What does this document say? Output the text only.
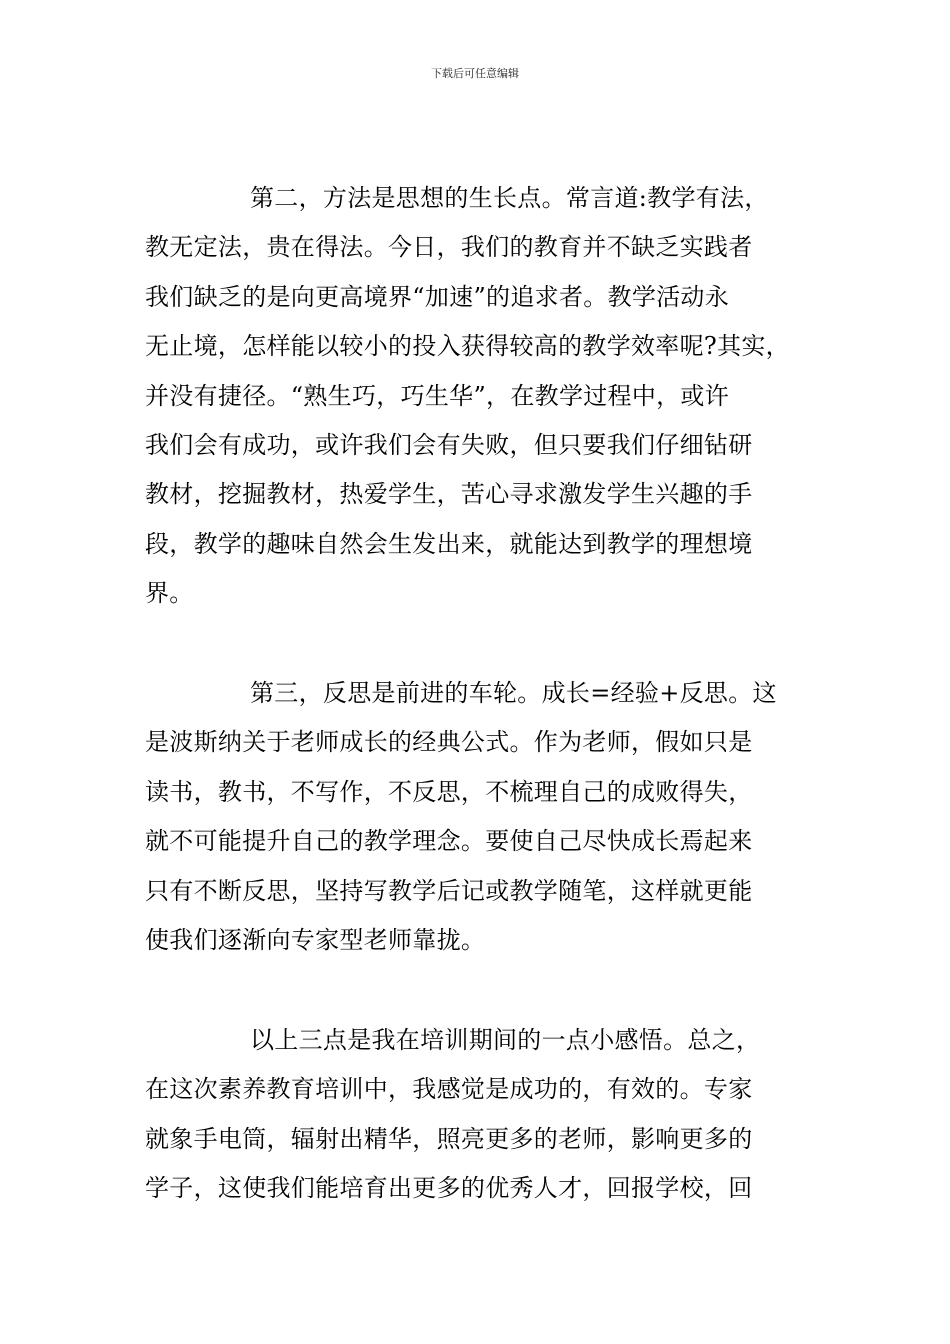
下载后可任意编辑
第二，方法是思想的生长点。常言道:教学有法，
教无定法，贵在得法。今日，我们的教育并不缺乏实践者
我们缺乏的是向更高境界“加速”的追求者。教学活动永
无止境，怎样能以较小的投入获得较高的教学效率呢?其实，
并没有捷径。“熟生巧，巧生华”，在教学过程中，或许
我们会有成功，或许我们会有失败，但只要我们仔细钻研
教材，挖掘教材，热爱学生，苦心寻求激发学生兴趣的手
段，教学的趣味自然会生发出来，就能达到教学的理想境
界。
第三，反思是前进的车轮。成长=经验+反思。这
是波斯纳关于老师成长的经典公式。作为老师，假如只是
读书，教书，不写作，不反思，不梳理自己的成败得失，
就不可能提升自己的教学理念。要使自己尽快成长焉起来
只有不断反思，坚持写教学后记或教学随笔，这样就更能
使我们逐渐向专家型老师靠拢。
以上三点是我在培训期间的一点小感悟。总之，
在这次素养教育培训中，我感觉是成功的，有效的。专家
就象手电筒，辐射出精华，照亮更多的老师，影响更多的
学子，这使我们能培育出更多的优秀人才，回报学校，回
